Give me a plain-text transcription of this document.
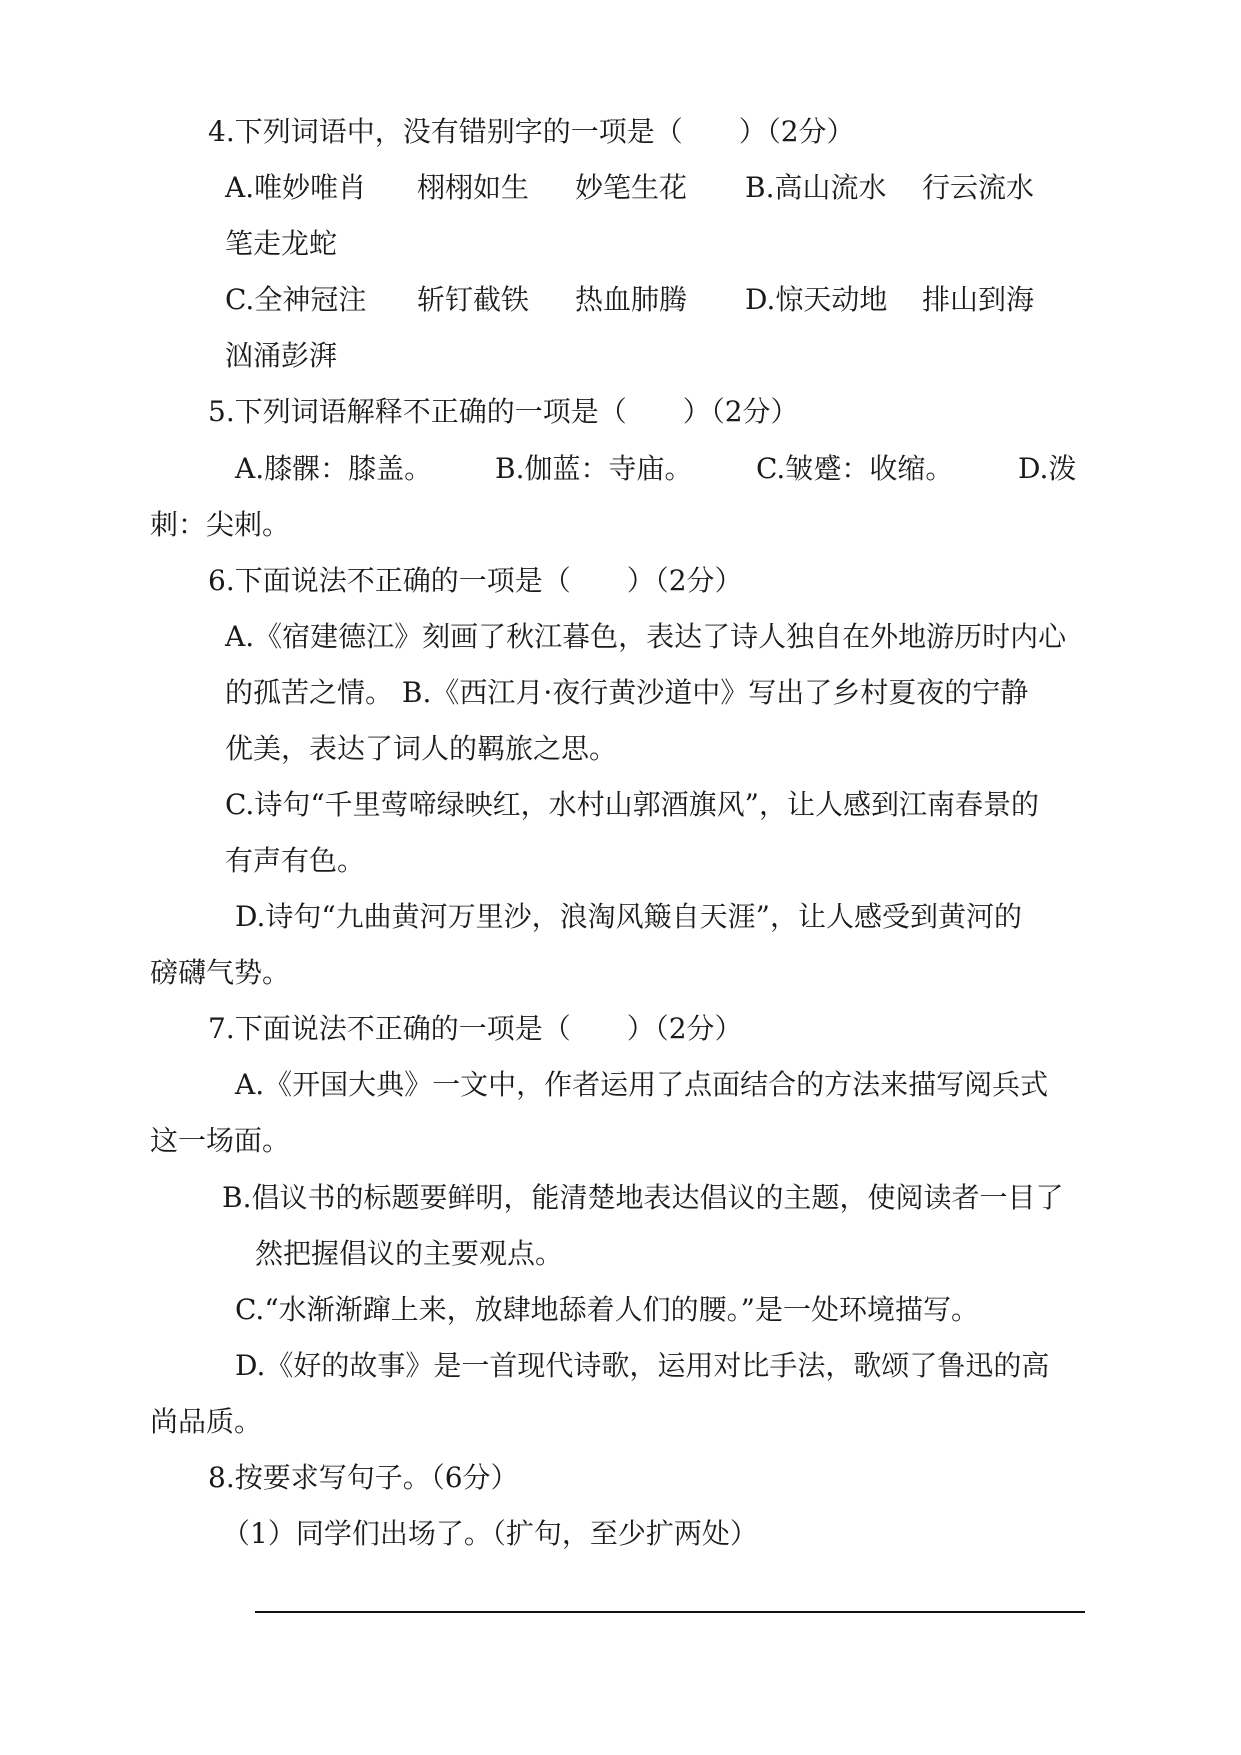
4.下列词语中，没有错别字的一项是（　　）（2分）
A.唯妙唯肖 栩栩如生 妙笔生花 B.高山流水 行云流水
笔走龙蛇
C.全神冠注 斩钉截铁 热血肺腾 D.惊天动地 排山到海
汹涌彭湃
5.下列词语解释不正确的一项是（　　）（2分）
A.膝髁：膝盖。 B.伽蓝：寺庙。 C.皱蹙：收缩。 D.泼
刺：尖刺。
6.下面说法不正确的一项是（　　）（2分）
A.《宿建德江》刻画了秋江暮色，表达了诗人独自在外地游历时内心
的孤苦之情。 B.《西江月·夜行黄沙道中》写出了乡村夏夜的宁静
优美，表达了词人的羁旅之思。
C.诗句“千里莺啼绿映红，水村山郭酒旗风”，让人感到江南春景的
有声有色。
D.诗句“九曲黄河万里沙，浪淘风簸自天涯”，让人感受到黄河的
磅礴气势。
7.下面说法不正确的一项是（　　）（2分）
A.《开国大典》一文中，作者运用了点面结合的方法来描写阅兵式
这一场面。
B.倡议书的标题要鲜明，能清楚地表达倡议的主题，使阅读者一目了
然把握倡议的主要观点。
C.“水渐渐蹿上来，放肆地舔着人们的腰。”是一处环境描写。
D.《好的故事》是一首现代诗歌，运用对比手法，歌颂了鲁迅的高
尚品质。
8.按要求写句子。（6分）
（1）同学们出场了。（扩句，至少扩两处）
